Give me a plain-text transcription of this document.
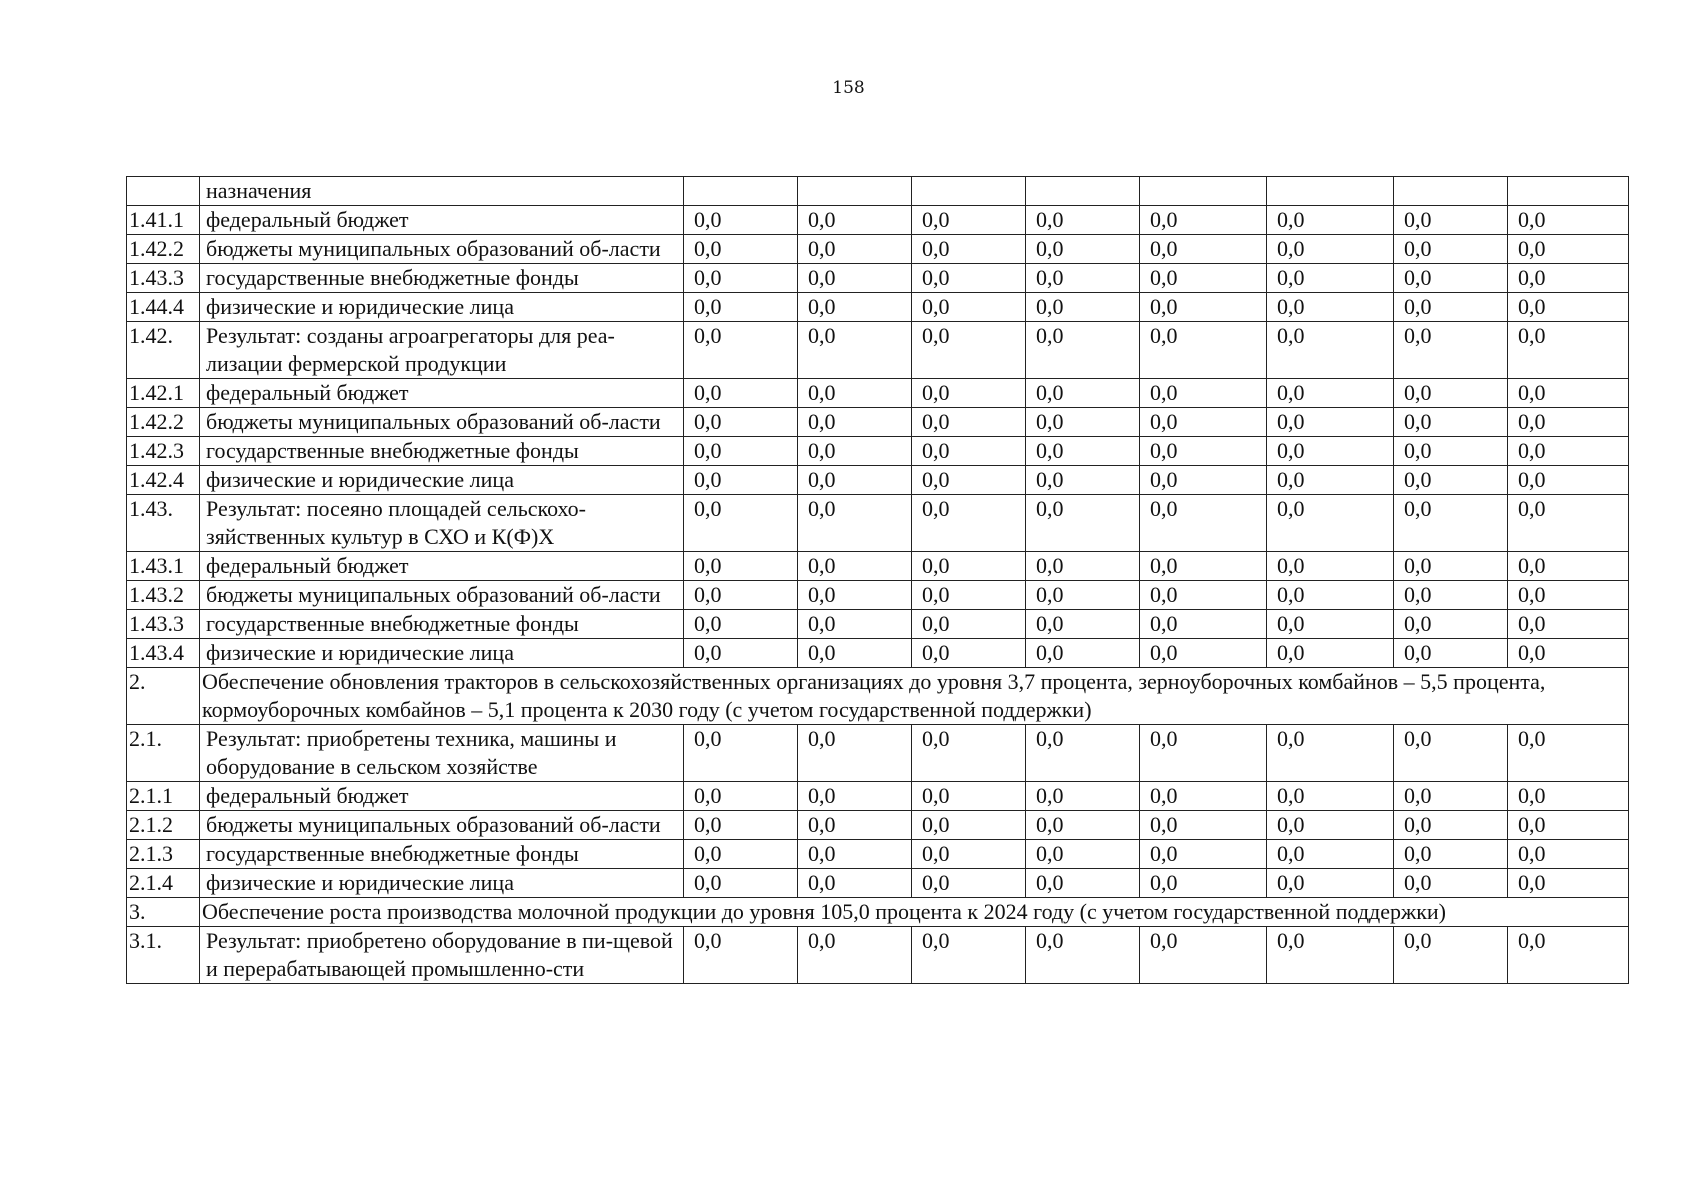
158
	назначения								
1.41.1	федеральный бюджет	0,0	0,0	0,0	0,0	0,0	0,0	0,0	0,0
1.42.2	бюджеты муниципальных образований об-ласти	0,0	0,0	0,0	0,0	0,0	0,0	0,0	0,0
1.43.3	государственные внебюджетные фонды	0,0	0,0	0,0	0,0	0,0	0,0	0,0	0,0
1.44.4	физические и юридические лица	0,0	0,0	0,0	0,0	0,0	0,0	0,0	0,0
1.42.	Результат: созданы агроагрегаторы для реа-лизации фермерской продукции	0,0	0,0	0,0	0,0	0,0	0,0	0,0	0,0
1.42.1	федеральный бюджет	0,0	0,0	0,0	0,0	0,0	0,0	0,0	0,0
1.42.2	бюджеты муниципальных образований об-ласти	0,0	0,0	0,0	0,0	0,0	0,0	0,0	0,0
1.42.3	государственные внебюджетные фонды	0,0	0,0	0,0	0,0	0,0	0,0	0,0	0,0
1.42.4	физические и юридические лица	0,0	0,0	0,0	0,0	0,0	0,0	0,0	0,0
1.43.	Результат: посеяно площадей сельскохо-зяйственных культур в СХО и К(Ф)Х	0,0	0,0	0,0	0,0	0,0	0,0	0,0	0,0
1.43.1	федеральный бюджет	0,0	0,0	0,0	0,0	0,0	0,0	0,0	0,0
1.43.2	бюджеты муниципальных образований об-ласти	0,0	0,0	0,0	0,0	0,0	0,0	0,0	0,0
1.43.3	государственные внебюджетные фонды	0,0	0,0	0,0	0,0	0,0	0,0	0,0	0,0
1.43.4	физические и юридические лица	0,0	0,0	0,0	0,0	0,0	0,0	0,0	0,0
2.	Обеспечение обновления тракторов в сельскохозяйственных организациях до уровня 3,7 процента, зерноуборочных комбайнов – 5,5 процента, кормоуборочных комбайнов – 5,1 процента к 2030 году (с учетом государственной поддержки)								
2.1.	Результат: приобретены техника, машины и оборудование в сельском хозяйстве	0,0	0,0	0,0	0,0	0,0	0,0	0,0	0,0
2.1.1	федеральный бюджет	0,0	0,0	0,0	0,0	0,0	0,0	0,0	0,0
2.1.2	бюджеты муниципальных образований об-ласти	0,0	0,0	0,0	0,0	0,0	0,0	0,0	0,0
2.1.3	государственные внебюджетные фонды	0,0	0,0	0,0	0,0	0,0	0,0	0,0	0,0
2.1.4	физические и юридические лица	0,0	0,0	0,0	0,0	0,0	0,0	0,0	0,0
3.	Обеспечение роста производства молочной продукции до уровня 105,0 процента к 2024 году (с учетом государственной поддержки)								
3.1.	Результат: приобретено оборудование в пи-щевой и перерабатывающей промышленно-сти	0,0	0,0	0,0	0,0	0,0	0,0	0,0	0,0
